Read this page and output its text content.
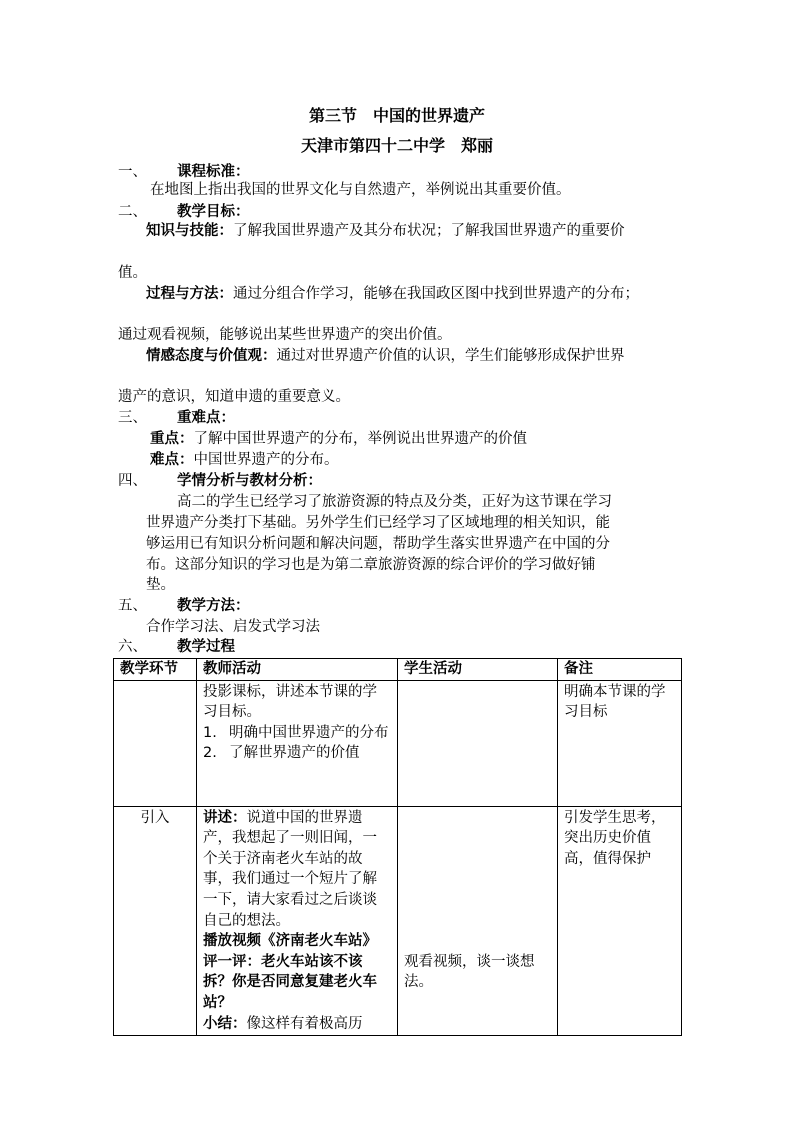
第三节　中国的世界遗产
天津市第四十二中学　郑丽
一、 课程标准：
在地图上指出我国的世界文化与自然遗产，举例说出其重要价值。
二、 教学目标：
知识与技能：了解我国世界遗产及其分布状况；了解我国世界遗产的重要价
值。
过程与方法：通过分组合作学习，能够在我国政区图中找到世界遗产的分布；
通过观看视频，能够说出某些世界遗产的突出价值。
情感态度与价值观：通过对世界遗产价值的认识，学生们能够形成保护世界
遗产的意识，知道申遗的重要意义。
三、 重难点：
重点：了解中国世界遗产的分布，举例说出世界遗产的价值
难点：中国世界遗产的分布。
四、 学情分析与教材分析：
高二的学生已经学习了旅游资源的特点及分类，正好为这节课在学习
世界遗产分类打下基础。另外学生们已经学习了区域地理的相关知识，能
够运用已有知识分析问题和解决问题，帮助学生落实世界遗产在中国的分
布。这部分知识的学习也是为第二章旅游资源的综合评价的学习做好铺
垫。
五、 教学方法：
合作学习法、启发式学习法
六、 教学过程
教学环节	教师活动	学生活动	备注

	投影课标，讲述本节课的学习目标。
1. 明确中国世界遗产的分布
2. 了解世界遗产的价值		明确本节课的学习目标
引入	讲述：说道中国的世界遗产，我想起了一则旧闻，一个关于济南老火车站的故事，我们通过一个短片了解一下，请大家看过之后谈谈自己的想法。
播放视频《济南老火车站》 评一评：老火车站该不该拆？你是否同意复建老火车站？
小结：像这样有着极高历	观看视频，谈一谈想法。	引发学生思考，突出历史价值高，值得保护
